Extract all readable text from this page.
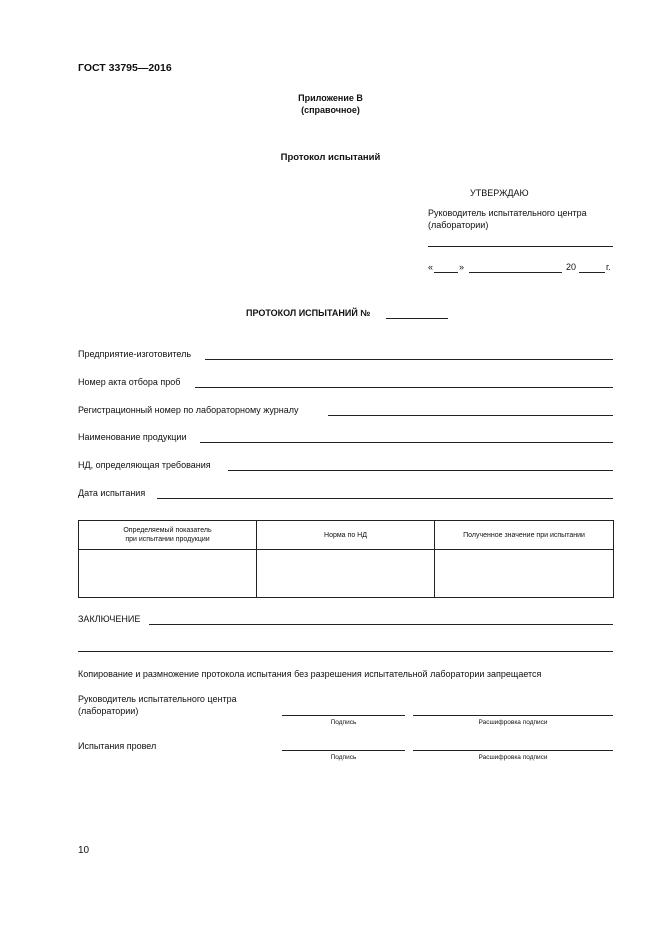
ГОСТ 33795—2016
Приложение В
(справочное)
Протокол испытаний
УТВЕРЖДАЮ
Руководитель испытательного центра
(лаборатории)
«	»	20	г.
ПРОТОКОЛ ИСПЫТАНИЙ №
Предприятие-изготовитель
Номер акта отбора проб
Регистрационный номер по лабораторному журналу
Наименование продукции
НД, определяющая требования
Дата испытания
Определяемый показатель
при испытании продукции	Норма по НД	Полученное значение при испытании

ЗАКЛЮЧЕНИЕ
Копирование и размножение протокола испытания без разрешения испытательной лаборатории запрещается
Руководитель испытательного центра
(лаборатории)
Подпись	Расшифровка подписи
Испытания провел
Подпись	Расшифровка подписи
10
